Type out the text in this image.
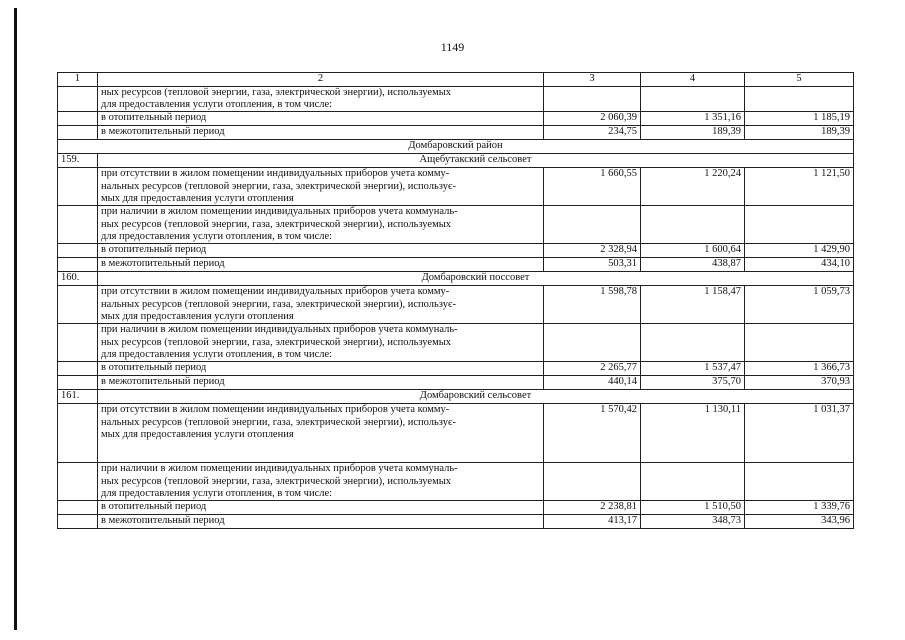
1149
1	2	3	4	5

	ных ресурсов (тепловой энергии, газа, электрической энергии), используемых
для предоставления услуги отопления, в том числе:			

	в отопительный период	2 060,39	1 351,16	1 185,19
	в межотопительный период	234,75	189,39	189,39
Домбаровский район				
159.	Ащебутакский сельсовет			

	при отсутствии в жилом помещении индивидуальных приборов учета комму-
нальных ресурсов (тепловой энергии, газа, электрической энергии), использує-
мых для предоставления услуги отопления	1 660,55	1 220,24	1 121,50

	при наличии в жилом помещении индивидуальных приборов учета коммуналь-
ных ресурсов (тепловой энергии, газа, электрической энергии), используемых
для предоставления услуги отопления, в том числе:			

	в отопительный период	2 328,94	1 600,64	1 429,90
	в межотопительный период	503,31	438,87	434,10
160.	Домбаровский поссовет			

	при отсутствии в жилом помещении индивидуальных приборов учета комму-
нальных ресурсов (тепловой энергии, газа, электрической энергии), использує-
мых для предоставления услуги отопления	1 598,78	1 158,47	1 059,73

	при наличии в жилом помещении индивидуальных приборов учета коммуналь-
ных ресурсов (тепловой энергии, газа, электрической энергии), используемых
для предоставления услуги отопления, в том числе:			

	в отопительный период	2 265,77	1 537,47	1 366,73
	в межотопительный период	440,14	375,70	370,93
161.	Домбаровский сельсовет			

	при отсутствии в жилом помещении индивидуальных приборов учета комму-
нальных ресурсов (тепловой энергии, газа, электрической энергии), использує-
мых для предоставления услуги отопления	1 570,42	1 130,11	1 031,37

	при наличии в жилом помещении индивидуальных приборов учета коммуналь-
ных ресурсов (тепловой энергии, газа, электрической энергии), используемых
для предоставления услуги отопления, в том числе:			

	в отопительный период	2 238,81	1 510,50	1 339,76
	в межотопительный период	413,17	348,73	343,96
